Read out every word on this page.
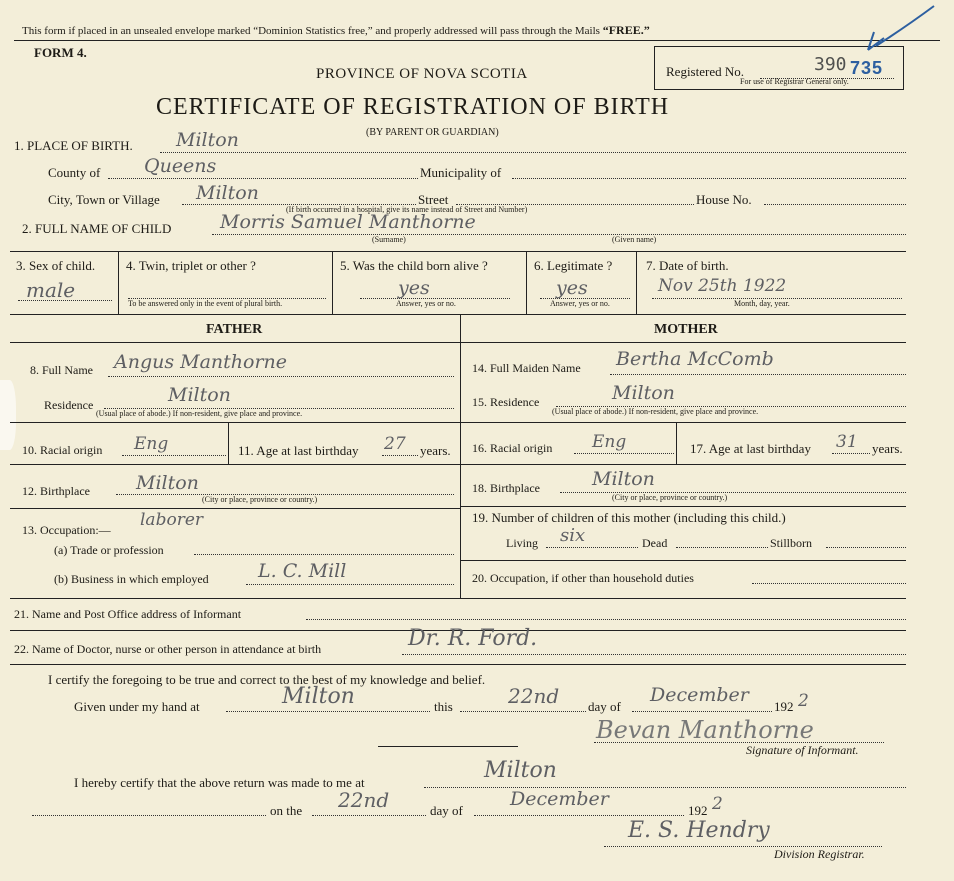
This form if placed in an unsealed envelope marked “Dominion Statistics free,” and properly addressed will pass through the Mails “FREE.”
FORM 4.
PROVINCE OF NOVA SCOTIA
CERTIFICATE OF REGISTRATION OF BIRTH
(BY PARENT OR GUARDIAN)
Registered No.	390 735
For use of Registrar General only.
1. PLACE OF BIRTH. Milton
County of Queens	Municipality of
City, Town or Village Milton	Street	House No.
(If birth occurred in a hospital, give its name instead of Street and Number)
2. FULL NAME OF CHILD	Morris Samuel Manthorne
(Surname)	(Given name)
3. Sex of child.
male
4. Twin, triplet or other ?
To be answered only in the event of plural birth.
5. Was the child born alive ?
yes
Answer, yes or no.
6. Legitimate ?
yes
Answer, yes or no.
7. Date of birth.
Nov 25th 1922
Month, day, year.
FATHER	MOTHER
8. Full Name Angus Manthorne
Residence	Milton
(Usual place of abode.) If non-resident, give place and province.
10. Racial origin Eng	11. Age at last birthday 27 years.
12. Birthplace Milton
(City or place, province or country.)
13. Occupation:— laborer
(a) Trade or profession
(b) Business in which employed	L. C. Mill
14. Full Maiden Name Bertha McComb
15. Residence	Milton
(Usual place of abode.) If non-resident, give place and province.
16. Racial origin Eng	17. Age at last birthday 31 years.
18. Birthplace	Milton
(City or place, province or country.)
19. Number of children of this mother (including this child.)
Living six	Dead	Stillborn
20. Occupation, if other than household duties
21. Name and Post Office address of Informant
22. Name of Doctor, nurse or other person in attendance at birth	Dr. R. Ford.
I certify the foregoing to be true and correct to the best of my knowledge and belief.
Given under my hand at	Milton	this	22nd day of
December
192 2
Bevan Manthorne
Signature of Informant.
I hereby certify that the above return was made to me at	Milton
on the 22nd	day of
December
192 2
E. S. Hendry
Division Registrar.
